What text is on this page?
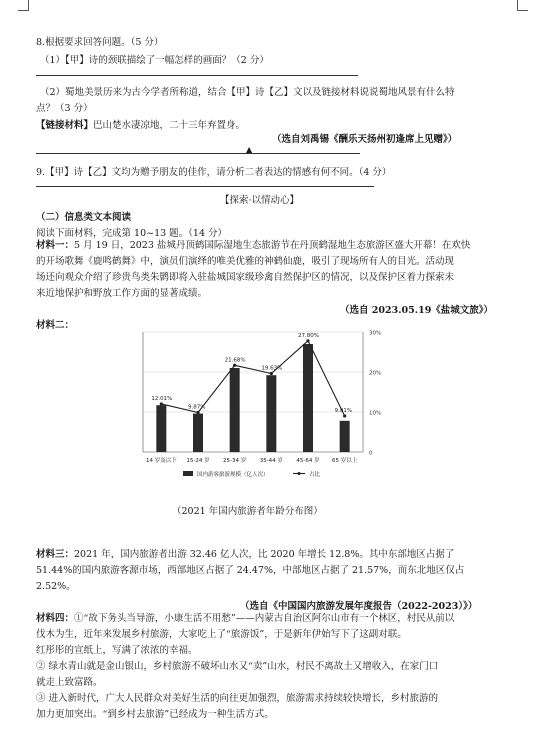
8.根据要求回答问题。（5 分）
（1）【甲】诗的颈联描绘了一幅怎样的画面？（2 分）
（2）蜀地美景历来为古今学者所称道，结合【甲】诗【乙】文以及链接材料说说蜀地风景有什么特
点？（3 分）
【链接材料】巴山楚水凄凉地，二十三年弃置身。
（选自刘禹锡《酬乐天扬州初逢席上见赠》）
▲
9.【甲】诗【乙】文均为赠予朋友的佳作，请分析二者表达的情感有何不同。（4 分）
【探索·以情动心】
（二）信息类文本阅读
阅读下面材料，完成第 10~13 题。（14 分）
材料一：5 月 19 日，2023 盐城丹顶鹤国际湿地生态旅游节在丹顶鹤湿地生态旅游区盛大开幕！在欢快
的开场歌舞《鹿鸣鹤舞》中，演员们演绎的唯美优雅的神鹤仙鹿，吸引了现场所有人的目光。活动现
场还向观众介绍了珍贵鸟类朱鹮即将入驻盐城国家级珍禽自然保护区的情况，以及保护区着力探索未
来近地保护和野放工作方面的显著成绩。
（选自 2023.05.19《盐城文旅》）
材料二：
0
10%
20%
30%
12.01%
9.87%
21.68%
19.63%
27.80%
9.01%
14 岁及以下 15-24 岁 25-34 岁 35-44 岁 45-64 岁 65 岁以上
国内游客旅游规模（亿人次）	占比
（2021 年国内旅游者年龄分布图）
材料三：2021 年，国内旅游者出游 32.46 亿人次，比 2020 年增长 12.8%。其中东部地区占据了
51.44%的国内旅游客源市场，西部地区占据了 24.47%，中部地区占据了 21.57%，而东北地区仅占
2.52%。
（选自《中国国内旅游发展年度报告（2022-2023）》）
材料四：①“故下务头当导游，小康生活不用愁”——内蒙古自治区阿尔山市有一个林区，村民从前以
伐木为生，近年来发展乡村旅游，大家吃上了“旅游饭”，于是新年伊始写下了这副对联。
红彤彤的宣纸上，写满了浓浓的幸福。
② 绿水青山就是金山银山，乡村旅游不破坏山水又“卖”山水，村民不离故土又增收入，在家门口
就走上致富路。
③ 进入新时代，广大人民群众对美好生活的向往更加强烈，旅游需求持续较快增长，乡村旅游的
加力更加突出。“到乡村去旅游”已经成为一种生活方式。
